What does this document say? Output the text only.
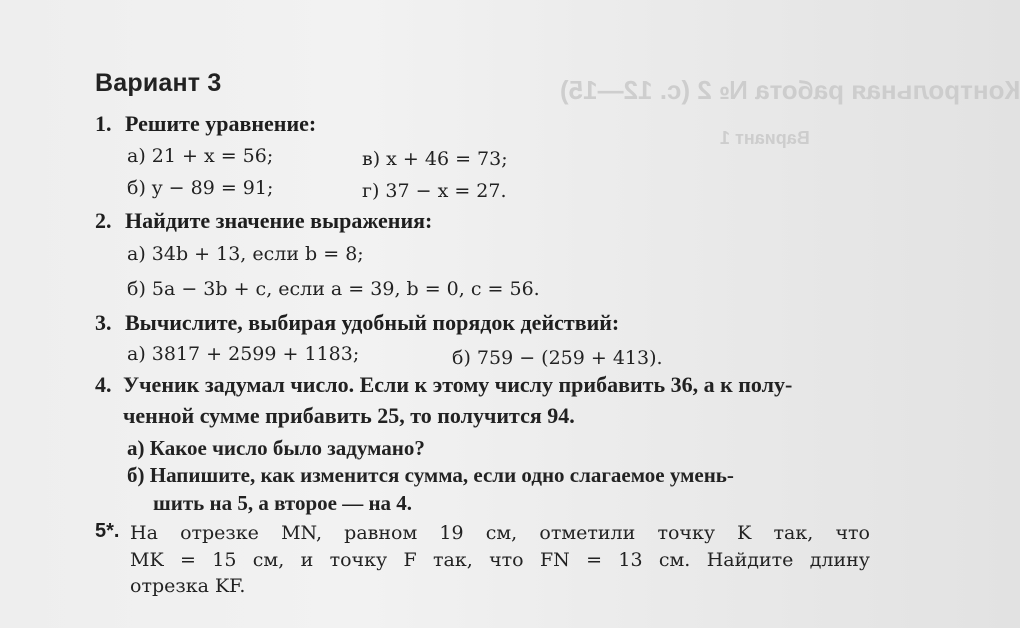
Контрольная работа № 2 (с. 12—15)
Вариант 1
Вариант 3
1. Решите уравнение:
а) 21 + x = 56;	в) x + 46 = 73;
б) y − 89 = 91;	г) 37 − x = 27.
2. Найдите значение выражения:
а) 34b + 13, если b = 8;
б) 5a − 3b + c, если a = 39, b = 0, c = 56.
3. Вычислите, выбирая удобный порядок действий:
а) 3817 + 2599 + 1183;	б) 759 − (259 + 413).
4. Ученик задумал число. Если к этому числу прибавить 36, а к полу-
ченной сумме прибавить 25, то получится 94.
а) Какое число было задумано?
б) Напишите, как изменится сумма, если одно слагаемое умень-
шить на 5, а второе — на 4.
5*. На отрезке MN, равном 19 см, отметили точку K так, что
MK = 15 см, и точку F так, что FN = 13 см. Найдите длину
отрезка KF.
